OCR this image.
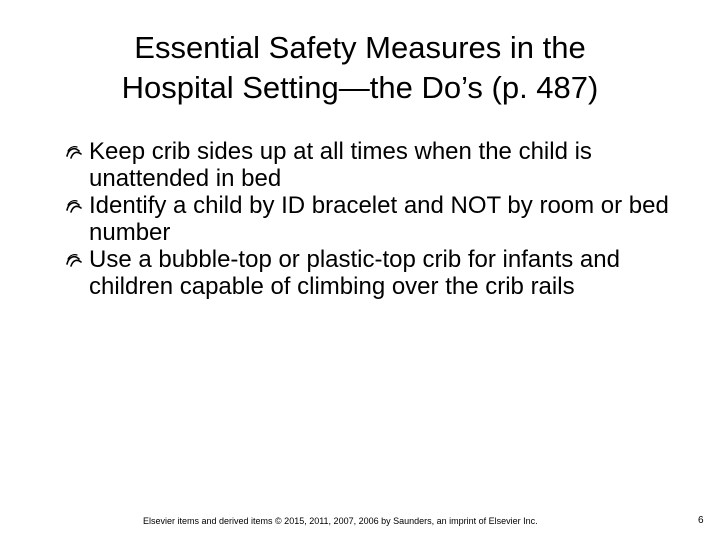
Essential Safety Measures in the
Hospital Setting—the Do’s (p. 487)
Keep crib sides up at all times when the child is unattended in bed
Identify a child by ID bracelet and NOT by room or bed number
Use a bubble-top or plastic-top crib for infants and children capable of climbing over the crib rails
Elsevier items and derived items © 2015, 2011, 2007, 2006 by Saunders, an imprint of Elsevier Inc.	6
